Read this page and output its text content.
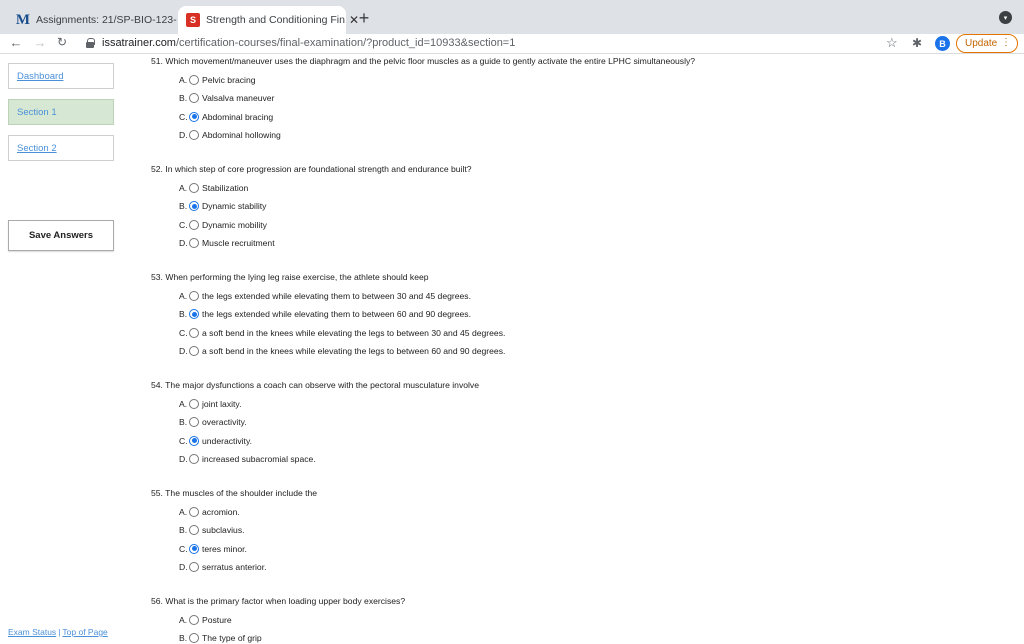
M Assignments: 21/SP-BIO-123-	S Strength and Conditioning Fin ✕ +	▾
← → ↻	issatrainer.com/certification-courses/final-examination/?product_id=10933&section=1	☆ ✱	B	Update ⋮
Dashboard
Section 1
Section 2
Save Answers
Exam Status | Top of Page
51. Which movement/maneuver uses the diaphragm and the pelvic floor muscles as a guide to gently activate the entire LPHC simultaneously?
A. Pelvic bracing
B. Valsalva maneuver
C. Abdominal bracing
D. Abdominal hollowing
52. In which step of core progression are foundational strength and endurance built?
A. Stabilization
B. Dynamic stability
C. Dynamic mobility
D. Muscle recruitment
53. When performing the lying leg raise exercise, the athlete should keep
A. the legs extended while elevating them to between 30 and 45 degrees.
B. the legs extended while elevating them to between 60 and 90 degrees.
C. a soft bend in the knees while elevating the legs to between 30 and 45 degrees.
D. a soft bend in the knees while elevating the legs to between 60 and 90 degrees.
54. The major dysfunctions a coach can observe with the pectoral musculature involve
A. joint laxity.
B. overactivity.
C. underactivity.
D. increased subacromial space.
55. The muscles of the shoulder include the
A. acromion.
B. subclavius.
C. teres minor.
D. serratus anterior.
56. What is the primary factor when loading upper body exercises?
A. Posture
B. The type of grip
